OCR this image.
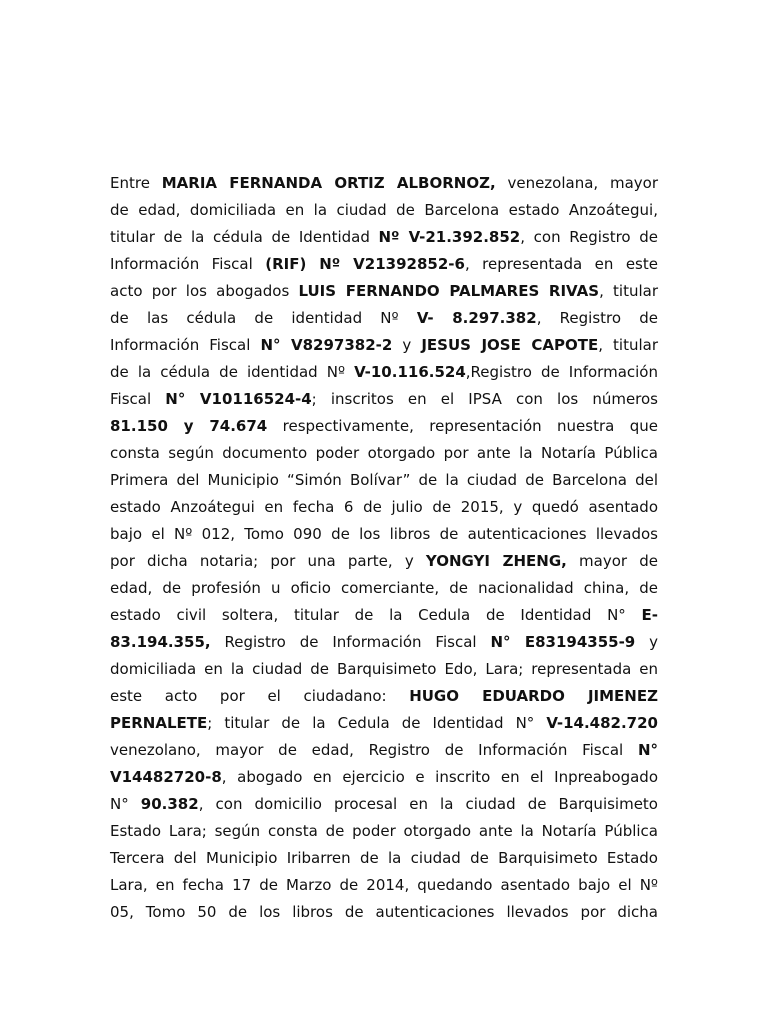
Entre MARIA FERNANDA ORTIZ ALBORNOZ, venezolana, mayor
de edad, domiciliada en la ciudad de Barcelona estado Anzoátegui,
titular de la cédula de Identidad Nº V-21.392.852, con Registro de
Información Fiscal (RIF) Nº V21392852-6, representada en este
acto por los abogados LUIS FERNANDO PALMARES RIVAS, titular
de las cédula de identidad Nº V- 8.297.382, Registro de
Información Fiscal N° V8297382-2 y JESUS JOSE CAPOTE, titular
de la cédula de identidad Nº V-10.116.524,Registro de Información
Fiscal N° V10116524-4; inscritos en el IPSA con los números
81.150 y 74.674 respectivamente, representación nuestra que
consta según documento poder otorgado por ante la Notaría Pública
Primera del Municipio “Simón Bolívar” de la ciudad de Barcelona del
estado Anzoátegui en fecha 6 de julio de 2015, y quedó asentado
bajo el Nº 012, Tomo 090 de los libros de autenticaciones llevados
por dicha notaria; por una parte, y YONGYI ZHENG, mayor de
edad, de profesión u oficio comerciante, de nacionalidad china, de
estado civil soltera, titular de la Cedula de Identidad N° E-
83.194.355, Registro de Información Fiscal N° E83194355-9 y
domiciliada en la ciudad de Barquisimeto Edo, Lara; representada en
este acto por el ciudadano: HUGO EDUARDO JIMENEZ
PERNALETE; titular de la Cedula de Identidad N° V-14.482.720
venezolano, mayor de edad, Registro de Información Fiscal N°
V14482720-8, abogado en ejercicio e inscrito en el Inpreabogado
N° 90.382, con domicilio procesal en la ciudad de Barquisimeto
Estado Lara; según consta de poder otorgado ante la Notaría Pública
Tercera del Municipio Iribarren de la ciudad de Barquisimeto Estado
Lara, en fecha 17 de Marzo de 2014, quedando asentado bajo el Nº
05, Tomo 50 de los libros de autenticaciones llevados por dicha
